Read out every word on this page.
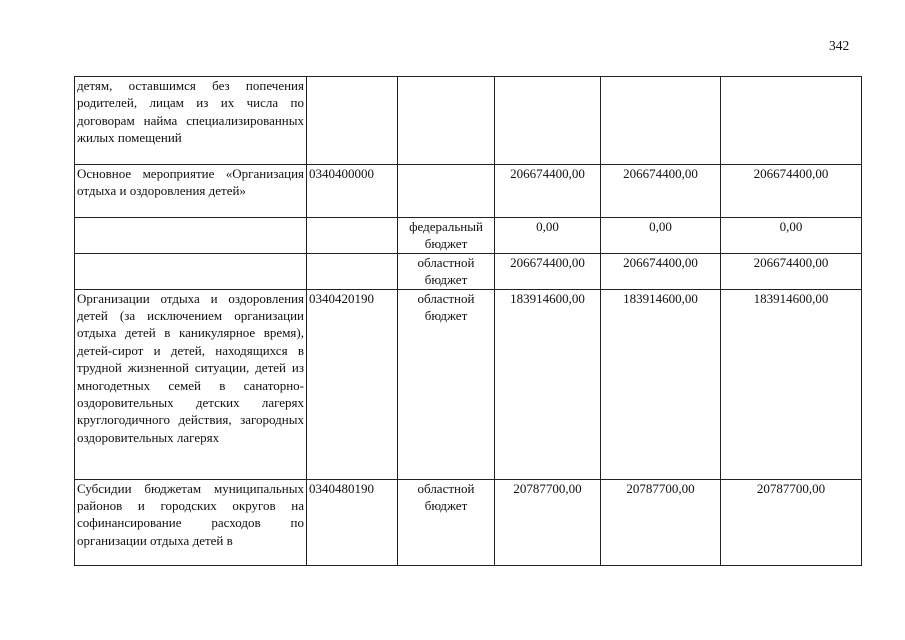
342
детям, оставшимся без попечения родителей, лицам из их числа по договорам найма специализированных жилых помещений					
Основное мероприятие «Организация отдыха и оздоровления детей»	0340400000		206674400,00	206674400,00	206674400,00
		федеральный бюджет	0,00	0,00	0,00
		областной бюджет	206674400,00	206674400,00	206674400,00
Организации отдыха и оздоровления детей (за исключением организации отдыха детей в каникулярное время), детей-сирот и детей, находящихся в трудной жизненной ситуации, детей из многодетных семей в санаторно-оздоровительных детских лагерях круглогодичного действия, загородных оздоровительных лагерях	0340420190	областной бюджет	183914600,00	183914600,00	183914600,00
Субсидии бюджетам муниципальных районов и городских округов на софинансирование расходов по организации отдыха детей в	0340480190	областной бюджет	20787700,00	20787700,00	20787700,00
